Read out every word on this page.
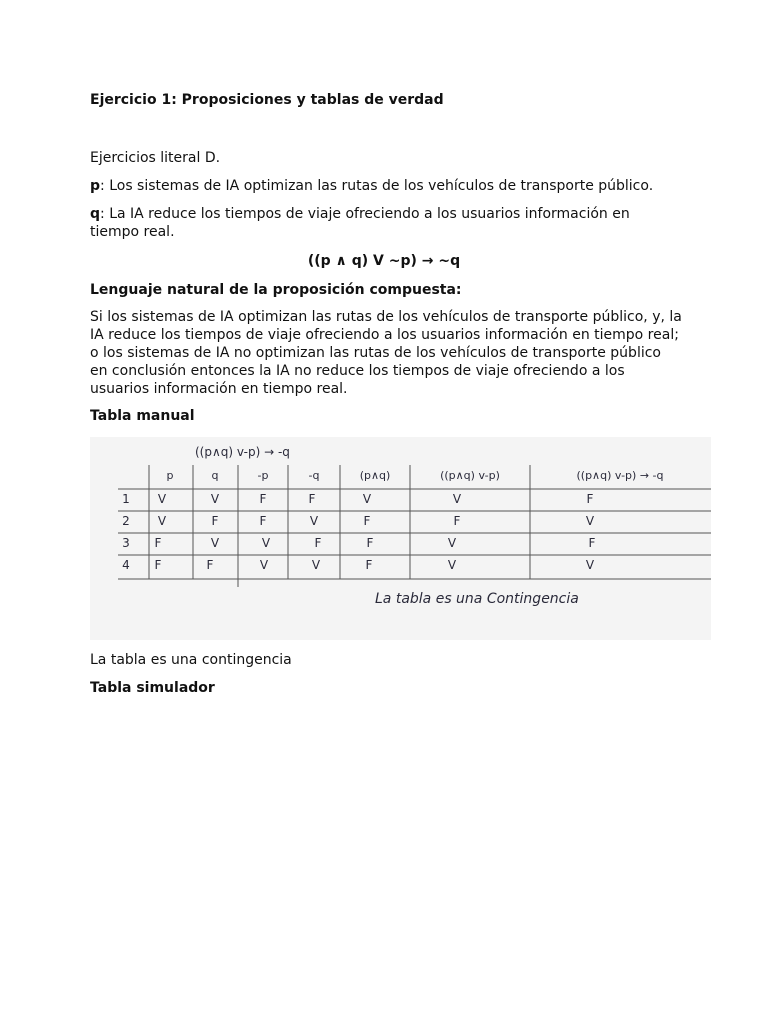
Ejercicio 1: Proposiciones y tablas de verdad

Ejercicios literal D.

p: Los sistemas de IA optimizan las rutas de los vehículos de transporte público.

q: La IA reduce los tiempos de viaje ofreciendo a los usuarios información en tiempo real.

((p ∧ q) V ~p) → ~q

Lenguaje natural de la proposición compuesta:

Si los sistemas de IA optimizan las rutas de los vehículos de transporte público, y, la IA reduce los tiempos de viaje ofreciendo a los usuarios información en tiempo real; o los sistemas de IA no optimizan las rutas de los vehículos de transporte público en conclusión entonces la IA no reduce los tiempos de viaje ofreciendo a los usuarios información en tiempo real.

Tabla manual

La tabla es una contingencia

Tabla simulador

((p∧q) v-p) → -q
p	q	-p	-q	(p∧q)	((p∧q) v-p)	((p∧q) v-p) → -q
1 V	V	F	F	V	V	F
2 V	F	F	V	F	F	V
3 F	V	V	F	F	V	F
4 F	F	V	V	F	V	V
La tabla es una Contingencia
